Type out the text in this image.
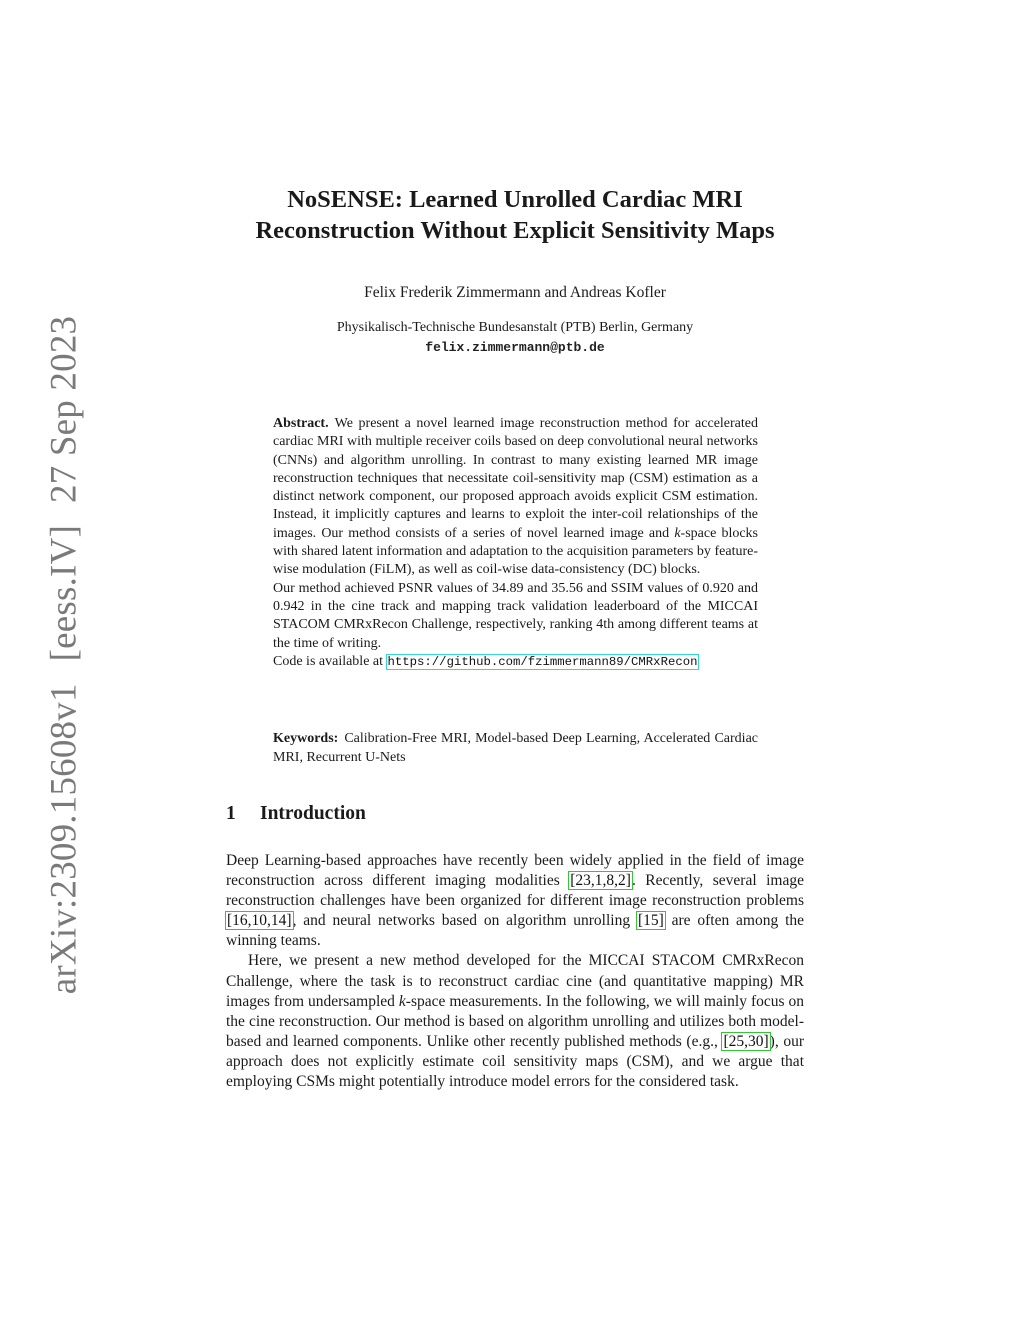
arXiv:2309.15608v1[eess.IV]27 Sep 2023
NoSENSE: Learned Unrolled Cardiac MRI
Reconstruction Without Explicit Sensitivity Maps
Felix Frederik Zimmermann and Andreas Kofler
Physikalisch-Technische Bundesanstalt (PTB) Berlin, Germany
felix.zimmermann@ptb.de

Abstract. We present a novel learned image reconstruction method for accelerated cardiac MRI with multiple receiver coils based on deep convolutional neural networks (CNNs) and algorithm unrolling. In contrast to many existing learned MR image reconstruction techniques that necessitate coil-sensitivity map (CSM) estimation as a distinct network component, our proposed approach avoids explicit CSM estimation. Instead, it implicitly captures and learns to exploit the inter-coil relationships of the images. Our method consists of a series of novel learned image and k-space blocks with shared latent information and adaptation to the acquisition parameters by feature-wise modulation (FiLM), as well as coil-wise data-consistency (DC) blocks.

Our method achieved PSNR values of 34.89 and 35.56 and SSIM values of 0.920 and 0.942 in the cine track and mapping track validation leaderboard of the MICCAI STACOM CMRxRecon Challenge, respectively, ranking 4th among different teams at the time of writing.

Code is available at https://github.com/fzimmermann89/CMRxRecon

Keywords: Calibration-Free MRI, Model-based Deep Learning, Accelerated Cardiac MRI, Recurrent U-Nets
1 Introduction

Deep Learning-based approaches have recently been widely applied in the field of image reconstruction across different imaging modalities [23,1,8,2]. Recently, several image reconstruction challenges have been organized for different image reconstruction problems [16,10,14], and neural networks based on algorithm unrolling [15] are often among the winning teams.

Here, we present a new method developed for the MICCAI STACOM CMRxRecon Challenge, where the task is to reconstruct cardiac cine (and quantitative mapping) MR images from undersampled k-space measurements. In the following, we will mainly focus on the cine reconstruction. Our method is based on algorithm unrolling and utilizes both model-based and learned components. Unlike other recently published methods (e.g., [25,30]), our approach does not explicitly estimate coil sensitivity maps (CSM), and we argue that employing CSMs might potentially introduce model errors for the considered task.
